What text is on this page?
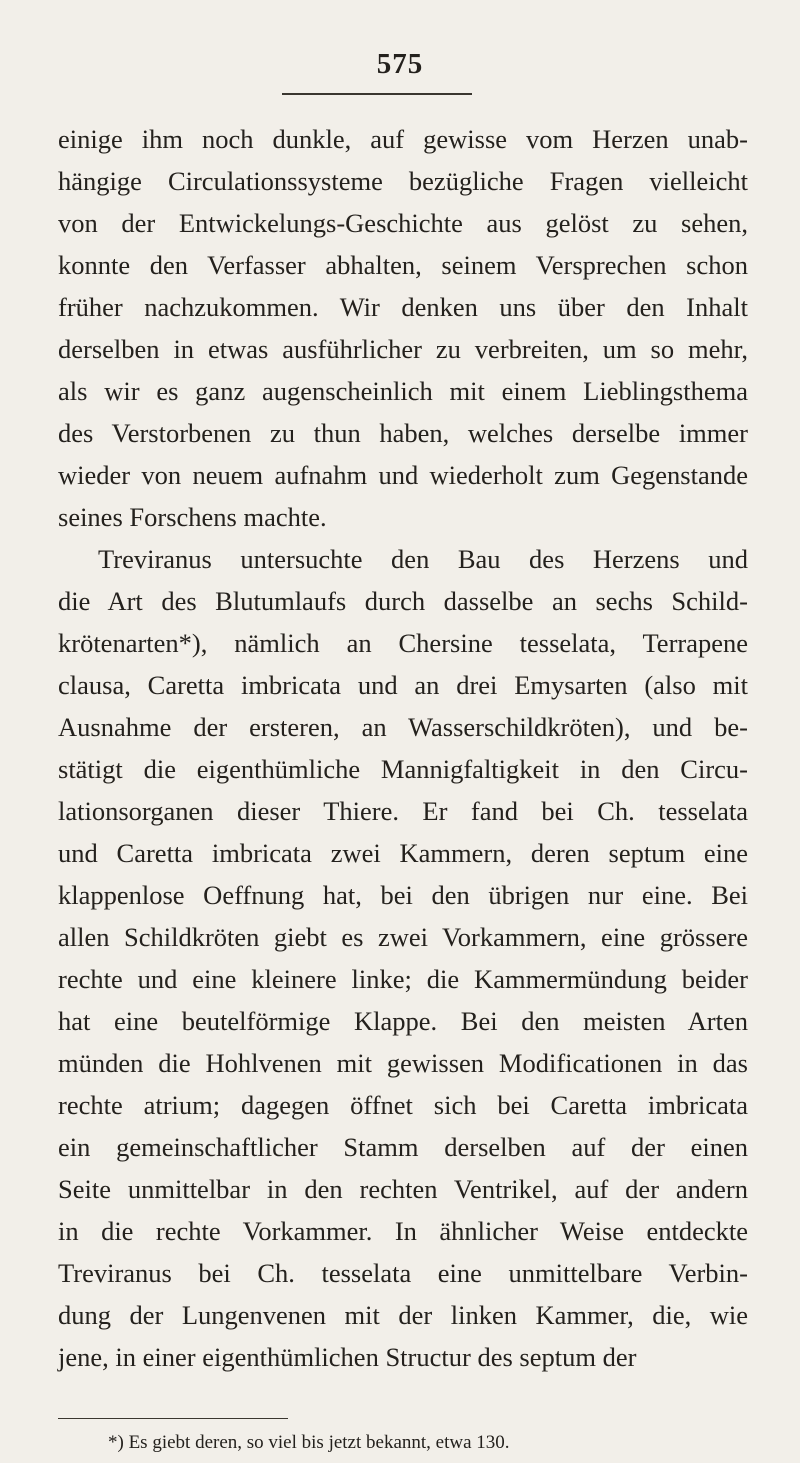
575
einige ihm noch dunkle, auf gewisse vom Herzen unab-
hängige Circulationssysteme bezügliche Fragen vielleicht
von der Entwickelungs-Geschichte aus gelöst zu sehen,
konnte den Verfasser abhalten, seinem Versprechen schon
früher nachzukommen. Wir denken uns über den Inhalt
derselben in etwas ausführlicher zu verbreiten, um so mehr,
als wir es ganz augenscheinlich mit einem Lieblingsthema
des Verstorbenen zu thun haben, welches derselbe immer
wieder von neuem aufnahm und wiederholt zum Gegenstande
seines Forschens machte.
Treviranus untersuchte den Bau des Herzens und
die Art des Blutumlaufs durch dasselbe an sechs Schild-
krötenarten*), nämlich an Chersine tesselata, Terrapene
clausa, Caretta imbricata und an drei Emysarten (also mit
Ausnahme der ersteren, an Wasserschildkröten), und be-
stätigt die eigenthümliche Mannigfaltigkeit in den Circu-
lationsorganen dieser Thiere. Er fand bei Ch. tesselata
und Caretta imbricata zwei Kammern, deren septum eine
klappenlose Oeffnung hat, bei den übrigen nur eine. Bei
allen Schildkröten giebt es zwei Vorkammern, eine grössere
rechte und eine kleinere linke; die Kammermündung beider
hat eine beutelförmige Klappe. Bei den meisten Arten
münden die Hohlvenen mit gewissen Modificationen in das
rechte atrium; dagegen öffnet sich bei Caretta imbricata
ein gemeinschaftlicher Stamm derselben auf der einen
Seite unmittelbar in den rechten Ventrikel, auf der andern
in die rechte Vorkammer. In ähnlicher Weise entdeckte
Treviranus bei Ch. tesselata eine unmittelbare Verbin-
dung der Lungenvenen mit der linken Kammer, die, wie
jene, in einer eigenthümlichen Structur des septum der
*) Es giebt deren, so viel bis jetzt bekannt, etwa 130.
